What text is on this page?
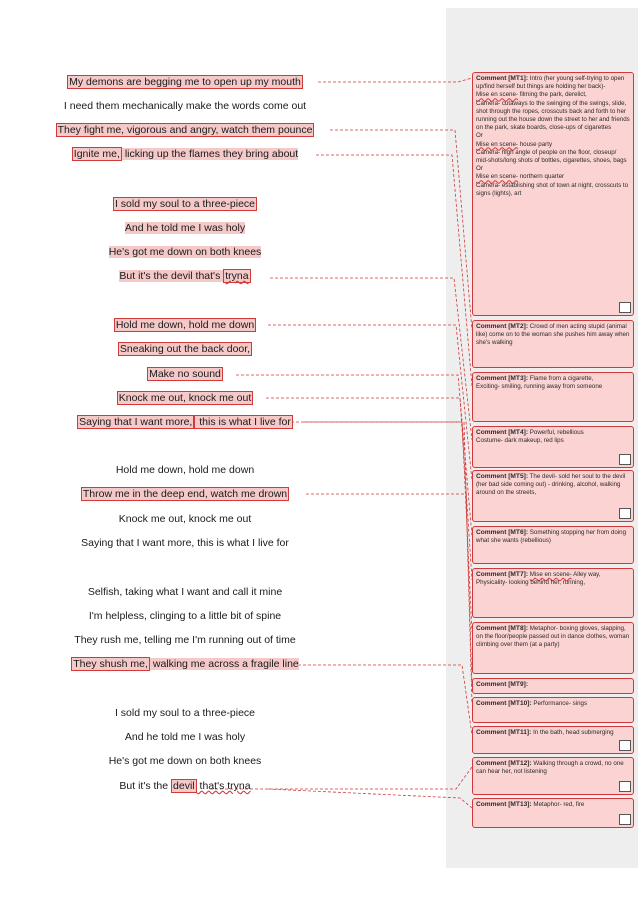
My demons are begging me to open up my mouth
I need them mechanically make the words come out
They fight me, vigorous and angry, watch them pounce
Ignite me, licking up the flames they bring about
I sold my soul to a three-piece
And he told me I was holy
He's got me down on both knees
But it's the devil that's tryna
Hold me down, hold me down
Sneaking out the back door,
Make no sound
Knock me out, knock me out
Saying that I want more, this is what I live for
Hold me down, hold me down
Throw me in the deep end, watch me drown
Knock me out, knock me out
Saying that I want more, this is what I live for
Selfish, taking what I want and call it mine
I'm helpless, clinging to a little bit of spine
They rush me, telling me I'm running out of time
They shush me, walking me across a fragile line
I sold my soul to a three-piece
And he told me I was holy
He's got me down on both knees
But it's the devil that's tryna
Comment [MT1]: Intro (her young self-trying to open up/find herself but things are holding her back)-
Mise en scene- filming the park, derelict,
Camera- cutaways to the swinging of the swings, slide, shot through the ropes, crosscuts back and forth to her running out the house down the street to her and friends on the park, skate boards, close-ups of cigarettes
Or
Mise en scene- house party
Camera- high angle of people on the floor, closeup/ mid-shots/long shots of bottles, cigarettes, shoes, bags
Or
Mise en scene- northern quarter
Camera- establishing shot of town at night, crosscuts to signs (lights), art
Comment [MT2]: Crowd of men acting stupid (animal like) come on to the woman she pushes him away when she's walking
Comment [MT3]: Flame from a cigarette,
Exciting- smiling, running away from someone
Comment [MT4]: Powerful, rebellious
Costume- dark makeup, red lips
Comment [MT5]: The devil- sold her soul to the devil (her bad side coming out) - drinking, alcohol, walking around on the streets,
Comment [MT6]: Something stopping her from doing what she wants (rebellious)
Comment [MT7]: Mise en scene- Alley way,
Physicality- looking behind her, running,
Comment [MT8]: Metaphor- boxing gloves, slapping, on the floor/people passed out in dance clothes, woman climbing over them (at a party)
Comment [MT9]:
Comment [MT10]: Performance- sings
Comment [MT11]: In the bath, head submerging
Comment [MT12]: Walking through a crowd, no one can hear her, not listening
Comment [MT13]: Metaphor- red, fire
